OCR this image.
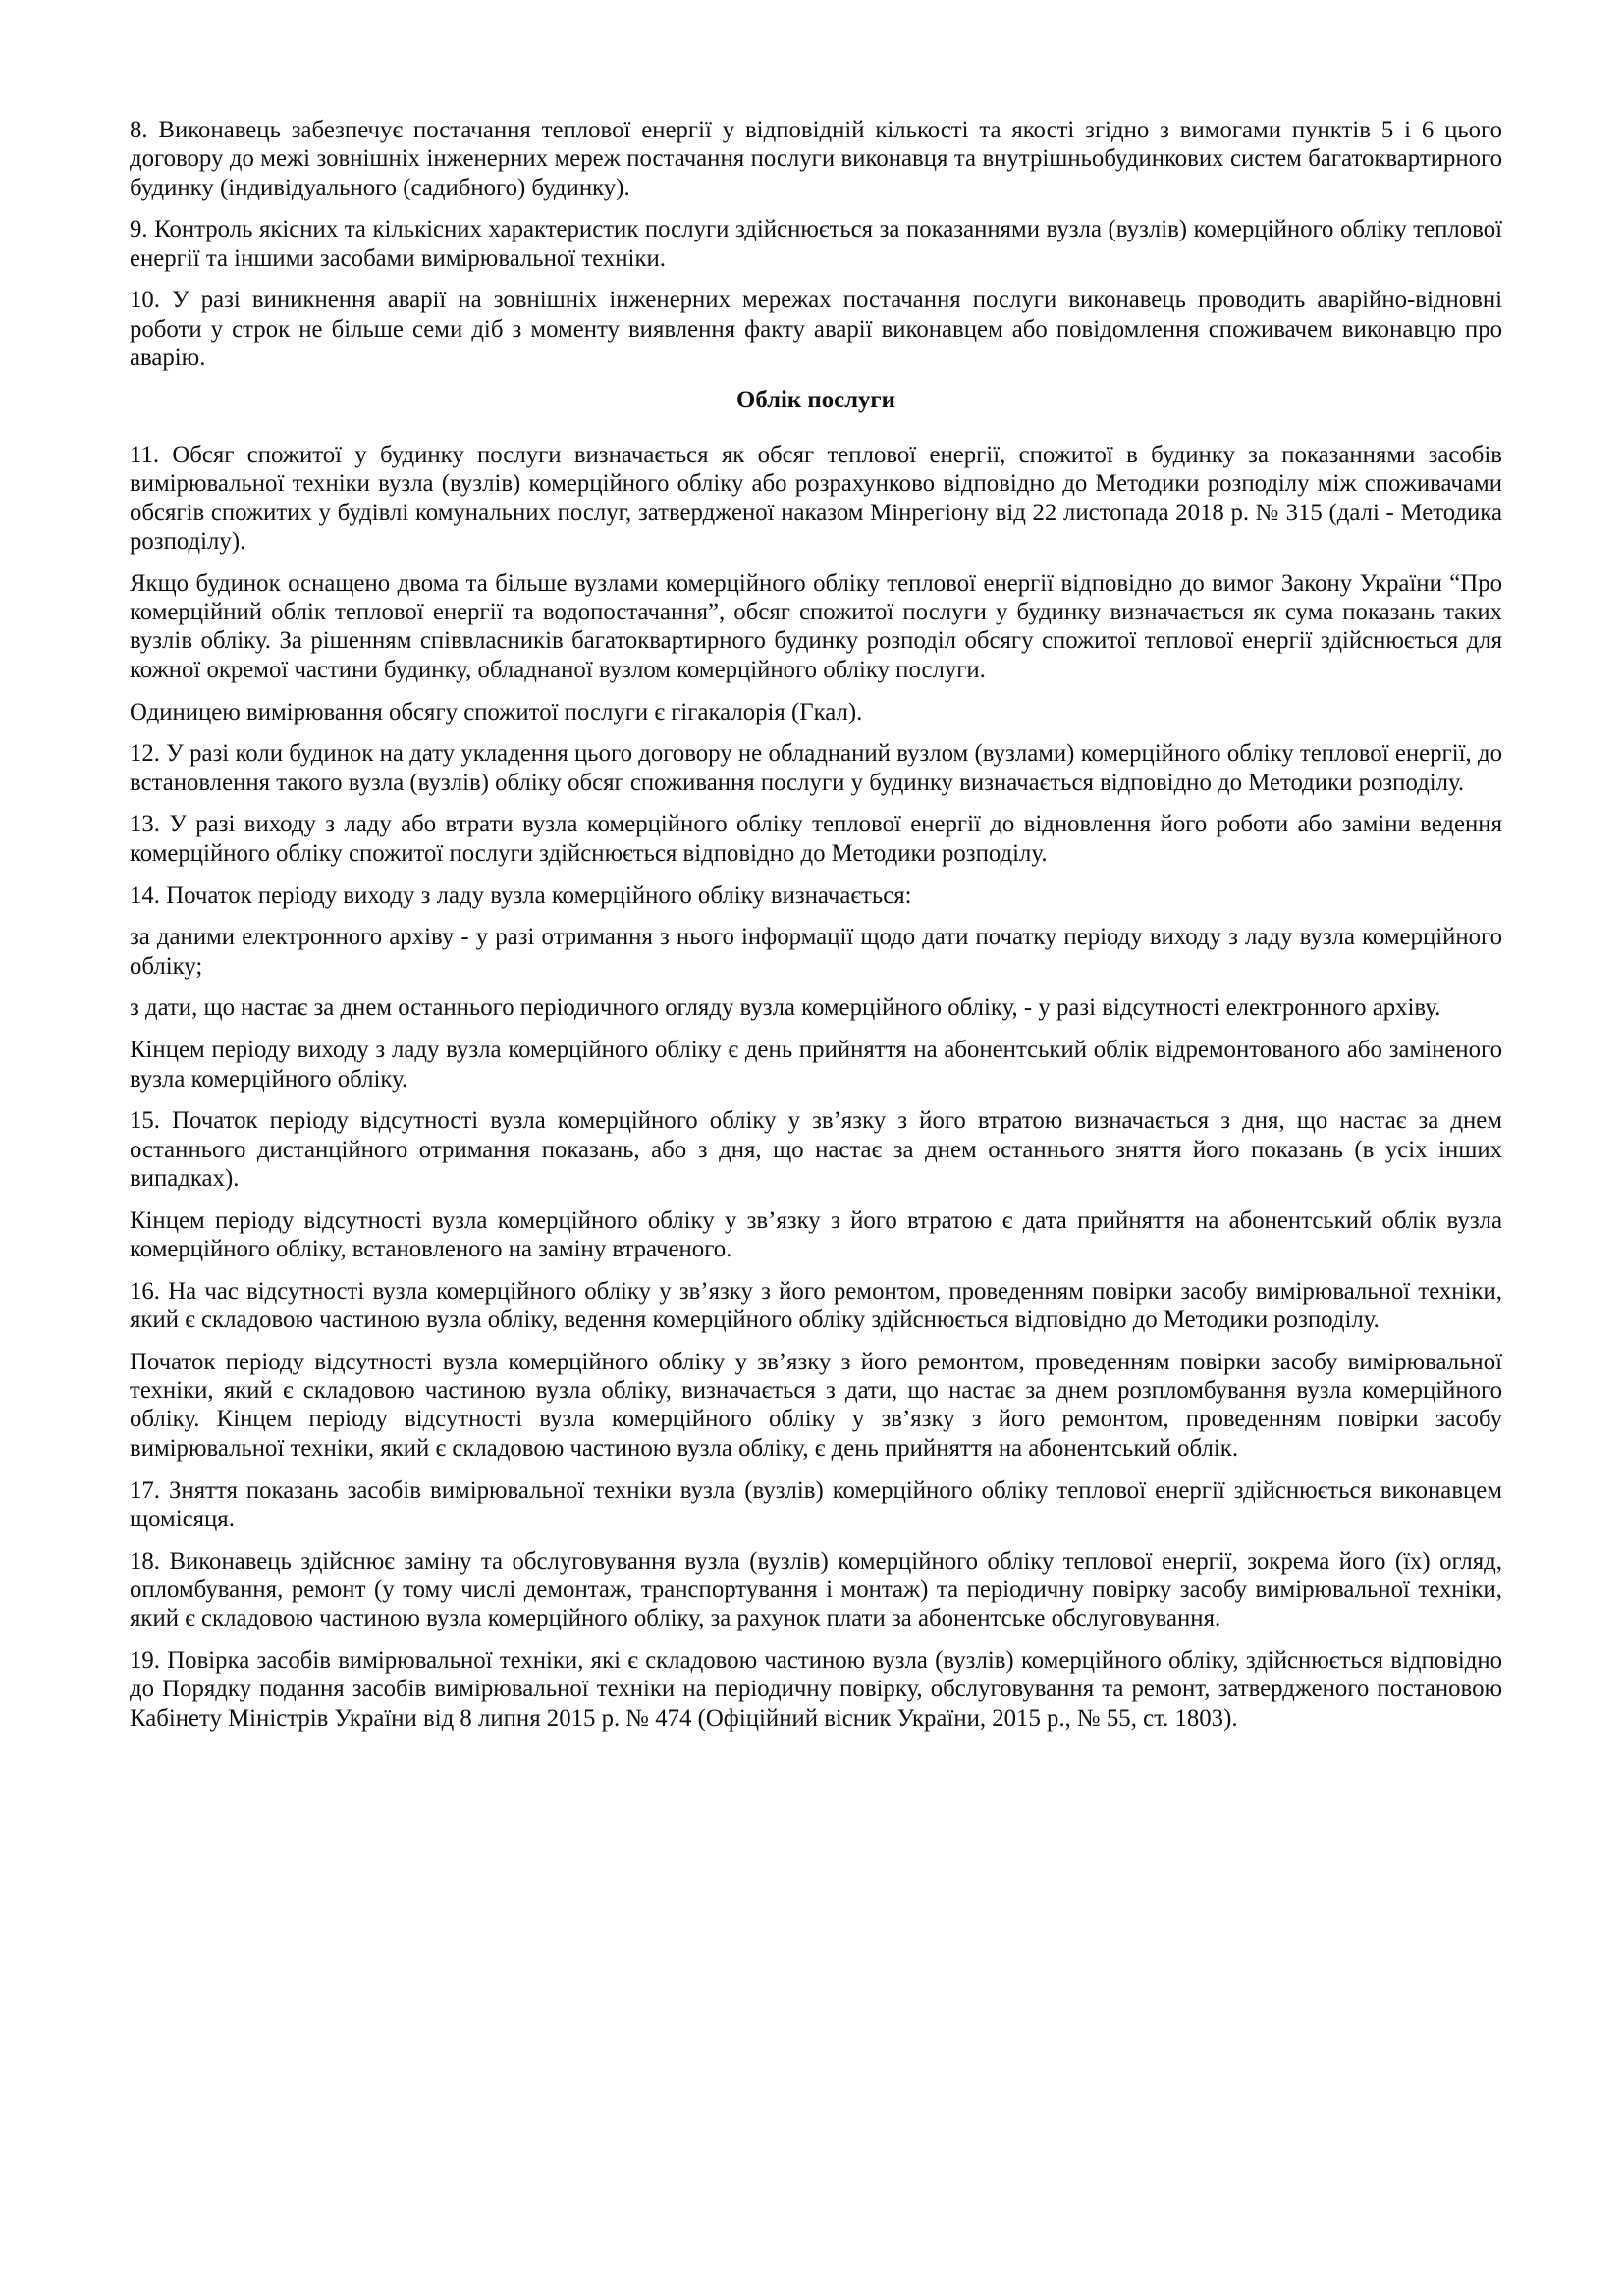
8. Виконавець забезпечує постачання теплової енергії у відповідній кількості та якості згідно з вимогами пунктів 5 і 6 цього договору до межі зовнішніх інженерних мереж постачання послуги виконавця та внутрішньобудинкових систем багатоквартирного будинку (індивідуального (садибного) будинку).

9. Контроль якісних та кількісних характеристик послуги здійснюється за показаннями вузла (вузлів) комерційного обліку теплової енергії та іншими засобами вимірювальної техніки.

10. У разі виникнення аварії на зовнішніх інженерних мережах постачання послуги виконавець проводить аварійно-відновні роботи у строк не більше семи діб з моменту виявлення факту аварії виконавцем або повідомлення споживачем виконавцю про аварію.

Облік послуги

11. Обсяг спожитої у будинку послуги визначається як обсяг теплової енергії, спожитої в будинку за показаннями засобів вимірювальної техніки вузла (вузлів) комерційного обліку або розрахунково відповідно до Методики розподілу між споживачами обсягів спожитих у будівлі комунальних послуг, затвердженої наказом Мінрегіону від 22 листопада 2018 р. № 315 (далі - Методика розподілу).

Якщо будинок оснащено двома та більше вузлами комерційного обліку теплової енергії відповідно до вимог Закону України “Про комерційний облік теплової енергії та водопостачання”, обсяг спожитої послуги у будинку визначається як сума показань таких вузлів обліку. За рішенням співвласників багатоквартирного будинку розподіл обсягу спожитої теплової енергії здійснюється для кожної окремої частини будинку, обладнаної вузлом комерційного обліку послуги.

Одиницею вимірювання обсягу спожитої послуги є гігакалорія (Гкал).

12. У разі коли будинок на дату укладення цього договору не обладнаний вузлом (вузлами) комерційного обліку теплової енергії, до встановлення такого вузла (вузлів) обліку обсяг споживання послуги у будинку визначається відповідно до Методики розподілу.

13. У разі виходу з ладу або втрати вузла комерційного обліку теплової енергії до відновлення його роботи або заміни ведення комерційного обліку спожитої послуги здійснюється відповідно до Методики розподілу.

14. Початок періоду виходу з ладу вузла комерційного обліку визначається:

за даними електронного архіву - у разі отримання з нього інформації щодо дати початку періоду виходу з ладу вузла комерційного обліку;

з дати, що настає за днем останнього періодичного огляду вузла комерційного обліку, - у разі відсутності електронного архіву.

Кінцем періоду виходу з ладу вузла комерційного обліку є день прийняття на абонентський облік відремонтованого або заміненого вузла комерційного обліку.

15. Початок періоду відсутності вузла комерційного обліку у зв’язку з його втратою визначається з дня, що настає за днем останнього дистанційного отримання показань, або з дня, що настає за днем останнього зняття його показань (в усіх інших випадках).

Кінцем періоду відсутності вузла комерційного обліку у зв’язку з його втратою є дата прийняття на абонентський облік вузла комерційного обліку, встановленого на заміну втраченого.

16. На час відсутності вузла комерційного обліку у зв’язку з його ремонтом, проведенням повірки засобу вимірювальної техніки, який є складовою частиною вузла обліку, ведення комерційного обліку здійснюється відповідно до Методики розподілу.

Початок періоду відсутності вузла комерційного обліку у зв’язку з його ремонтом, проведенням повірки засобу вимірювальної техніки, який є складовою частиною вузла обліку, визначається з дати, що настає за днем розпломбування вузла комерційного обліку. Кінцем періоду відсутності вузла комерційного обліку у зв’язку з його ремонтом, проведенням повірки засобу вимірювальної техніки, який є складовою частиною вузла обліку, є день прийняття на абонентський облік.

17. Зняття показань засобів вимірювальної техніки вузла (вузлів) комерційного обліку теплової енергії здійснюється виконавцем щомісяця.

18. Виконавець здійснює заміну та обслуговування вузла (вузлів) комерційного обліку теплової енергії, зокрема його (їх) огляд, опломбування, ремонт (у тому числі демонтаж, транспортування і монтаж) та періодичну повірку засобу вимірювальної техніки, який є складовою частиною вузла комерційного обліку, за рахунок плати за абонентське обслуговування.

19. Повірка засобів вимірювальної техніки, які є складовою частиною вузла (вузлів) комерційного обліку, здійснюється відповідно до Порядку подання засобів вимірювальної техніки на періодичну повірку, обслуговування та ремонт, затвердженого постановою Кабінету Міністрів України від 8 липня 2015 р. № 474 (Офіційний вісник України, 2015 р., № 55, ст. 1803).
